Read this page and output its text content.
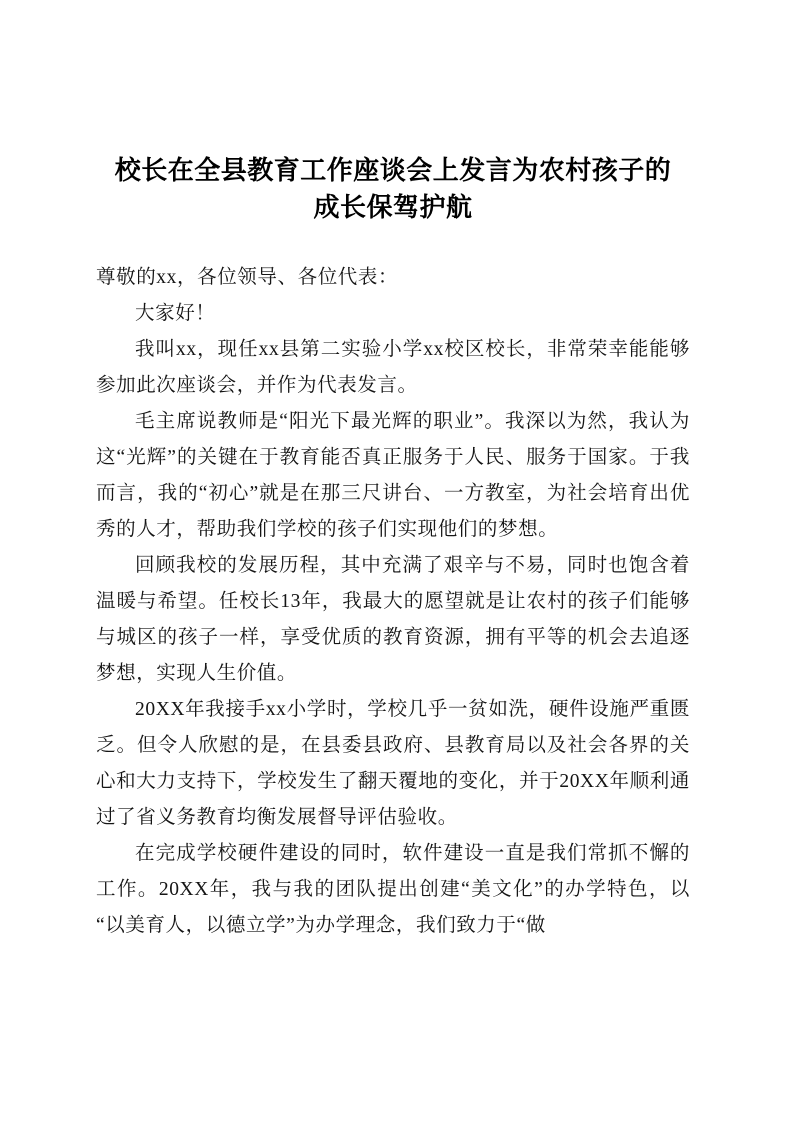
校长在全县教育工作座谈会上发言为农村孩子的
成长保驾护航

尊敬的xx，各位领导、各位代表：

大家好！

我叫xx，现任xx县第二实验小学xx校区校长，非常荣幸能能够参加此次座谈会，并作为代表发言。

毛主席说教师是“阳光下最光辉的职业”。我深以为然，我认为这“光辉”的关键在于教育能否真正服务于人民、服务于国家。于我而言，我的“初心”就是在那三尺讲台、一方教室，为社会培育出优秀的人才，帮助我们学校的孩子们实现他们的梦想。

回顾我校的发展历程，其中充满了艰辛与不易，同时也饱含着温暖与希望。任校长13年，我最大的愿望就是让农村的孩子们能够与城区的孩子一样，享受优质的教育资源，拥有平等的机会去追逐梦想，实现人生价值。

20XX年我接手xx小学时，学校几乎一贫如洗，硬件设施严重匮乏。但令人欣慰的是，在县委县政府、县教育局以及社会各界的关心和大力支持下，学校发生了翻天覆地的变化，并于20XX年顺利通过了省义务教育均衡发展督导评估验收。

在完成学校硬件建设的同时，软件建设一直是我们常抓不懈的工作。20XX年，我与我的团队提出创建“美文化”的办学特色，以“以美育人，以德立学”为办学理念，我们致力于“做
